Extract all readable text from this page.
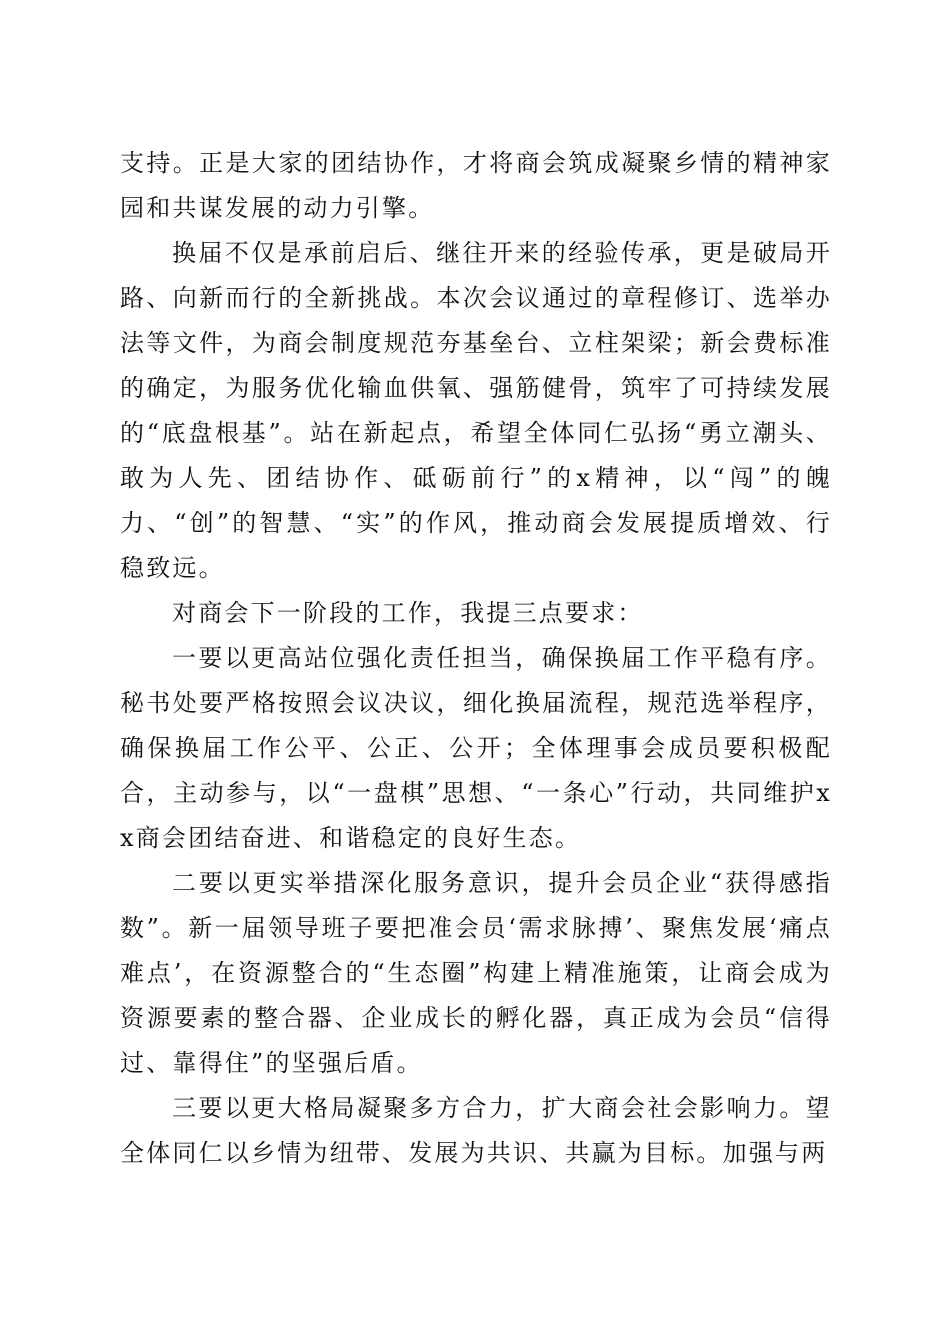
支持。正是大家的团结协作，才将商会筑成凝聚乡情的精神家园和共谋发展的动力引擎。

换届不仅是承前启后、继往开来的经验传承，更是破局开路、向新而行的全新挑战。本次会议通过的章程修订、选举办法等文件，为商会制度规范夯基垒台、立柱架梁；新会费标准的确定，为服务优化输血供氧、强筋健骨，筑牢了可持续发展的“底盘根基”。站在新起点，希望全体同仁弘扬“勇立潮头、敢为人先、团结协作、砥砺前行”的x精神，以“闯”的魄力、“创”的智慧、“实”的作风，推动商会发展提质增效、行稳致远。

对商会下一阶段的工作，我提三点要求：

一要以更高站位强化责任担当，确保换届工作平稳有序。秘书处要严格按照会议决议，细化换届流程，规范选举程序，确保换届工作公平、公正、公开；全体理事会成员要积极配合，主动参与，以“一盘棋”思想、“一条心”行动，共同维护xx商会团结奋进、和谐稳定的良好生态。

二要以更实举措深化服务意识，提升会员企业“获得感指数”。新一届领导班子要把准会员‘需求脉搏’、聚焦发展‘痛点难点’，在资源整合的“生态圈”构建上精准施策，让商会成为资源要素的整合器、企业成长的孵化器，真正成为会员“信得过、靠得住”的坚强后盾。

三要以更大格局凝聚多方合力，扩大商会社会影响力。望全体同仁以乡情为纽带、发展为共识、共赢为目标。加强与两
